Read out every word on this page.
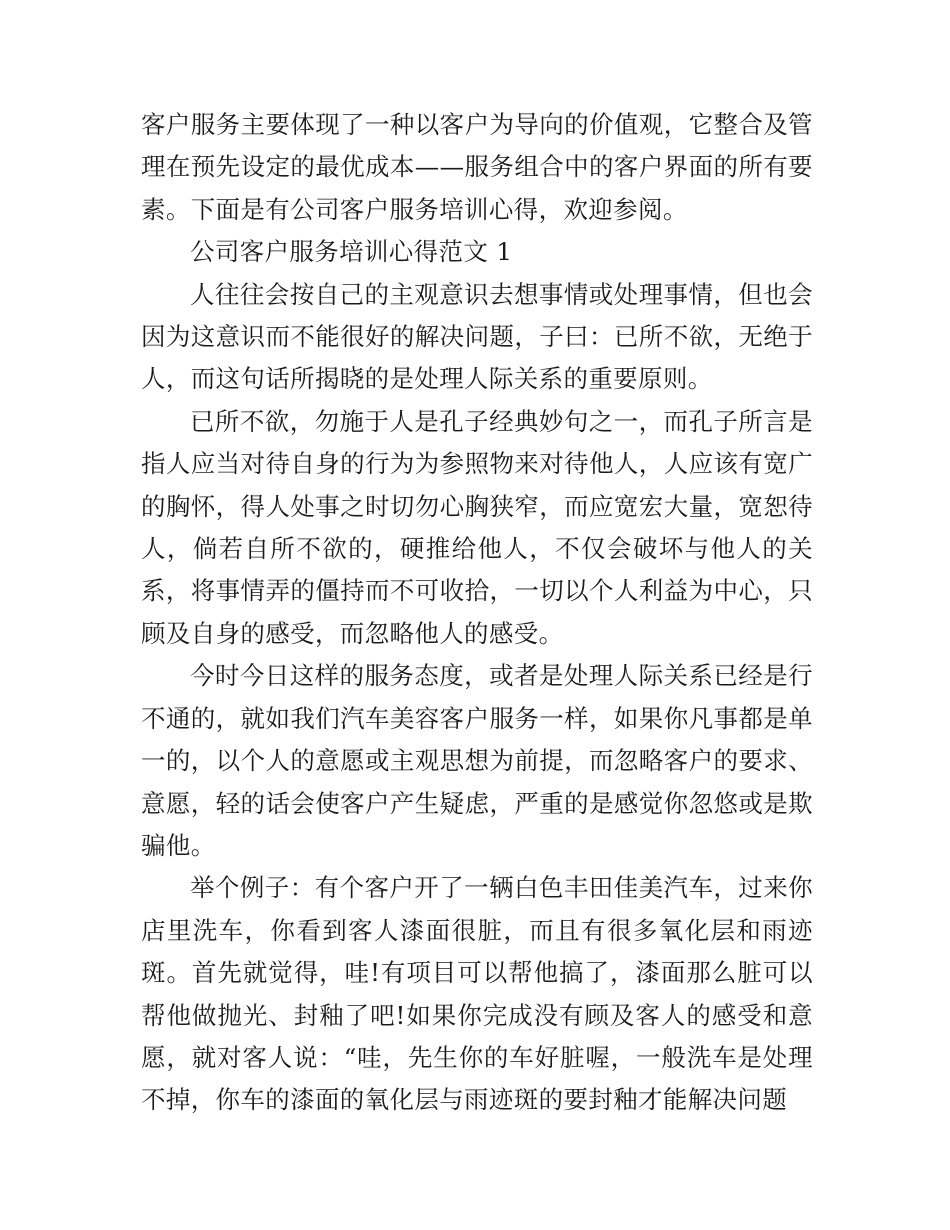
客户服务主要体现了一种以客户为导向的价值观，它整合及管理在预先设定的最优成本——服务组合中的客户界面的所有要素。下面是有公司客户服务培训心得，欢迎参阅。

公司客户服务培训心得范文 1

人往往会按自己的主观意识去想事情或处理事情，但也会因为这意识而不能很好的解决问题，子曰：已所不欲，无绝于人，而这句话所揭晓的是处理人际关系的重要原则。

已所不欲，勿施于人是孔子经典妙句之一，而孔子所言是指人应当对待自身的行为为参照物来对待他人，人应该有宽广的胸怀，得人处事之时切勿心胸狭窄，而应宽宏大量，宽恕待人，倘若自所不欲的，硬推给他人，不仅会破坏与他人的关系，将事情弄的僵持而不可收拾，一切以个人利益为中心，只顾及自身的感受，而忽略他人的感受。

今时今日这样的服务态度，或者是处理人际关系已经是行不通的，就如我们汽车美容客户服务一样，如果你凡事都是单一的，以个人的意愿或主观思想为前提，而忽略客户的要求、意愿，轻的话会使客户产生疑虑，严重的是感觉你忽悠或是欺骗他。

举个例子：有个客户开了一辆白色丰田佳美汽车，过来你店里洗车，你看到客人漆面很脏，而且有很多氧化层和雨迹斑。首先就觉得，哇!有项目可以帮他搞了，漆面那么脏可以帮他做抛光、封釉了吧!如果你完成没有顾及客人的感受和意愿，就对客人说：“哇，先生你的车好脏喔，一般洗车是处理不掉，你车的漆面的氧化层与雨迹斑的要封釉才能解决问题
